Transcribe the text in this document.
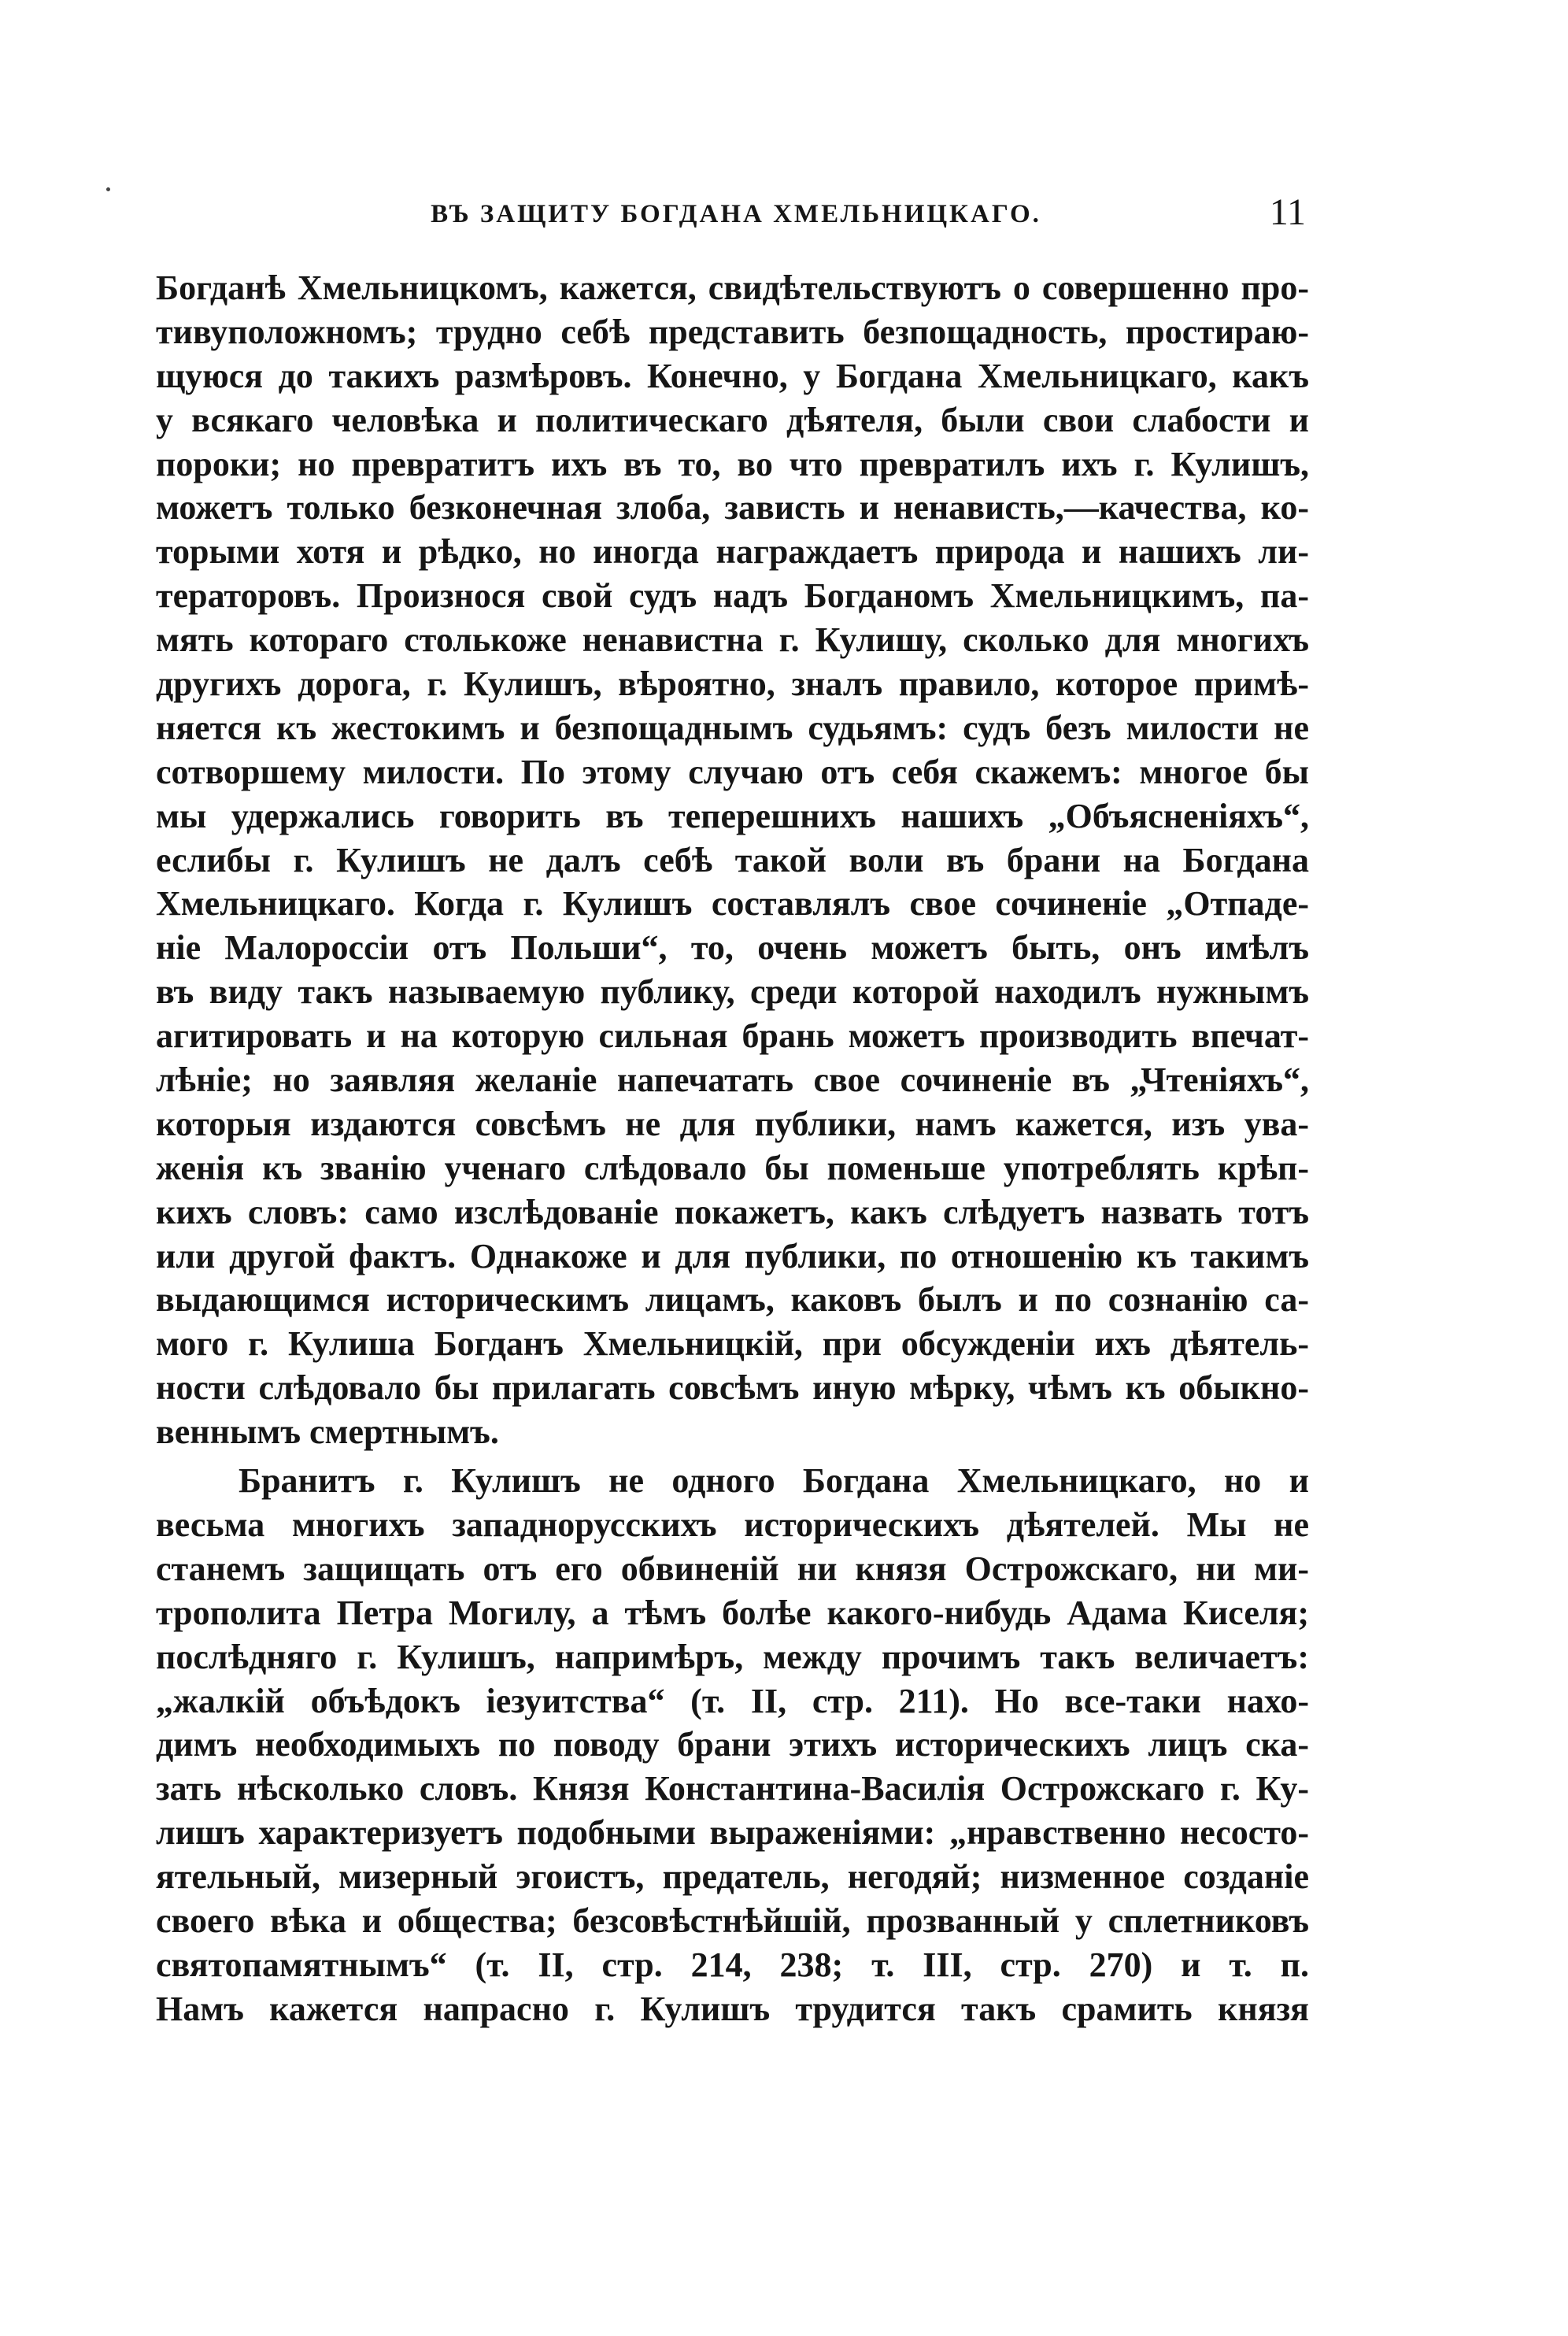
ВЪ ЗАЩИТУ БОГДАНА ХМЕЛЬНИЦКАГО.	11
Богданѣ Хмельницкомъ, кажется, свидѣтельствуютъ о совершенно про-
тивуположномъ; трудно себѣ представить безпощадность, простираю-
щуюся до такихъ размѣровъ. Конечно, у Богдана Хмельницкаго, какъ
у всякаго человѣка и политическаго дѣятеля, были свои слабости и
пороки; но превратитъ ихъ въ то, во что превратилъ ихъ г. Кулишъ,
можетъ только безконечная злоба, зависть и ненависть,—качества, ко-
торыми хотя и рѣдко, но иногда награждаетъ природа и нашихъ ли-
тераторовъ. Произнося свой судъ надъ Богданомъ Хмельницкимъ, па-
мять котораго столькоже ненавистна г. Кулишу, сколько для многихъ
другихъ дорога, г. Кулишъ, вѣроятно, зналъ правило, которое примѣ-
няется къ жестокимъ и безпощаднымъ судьямъ: судъ безъ милости не
сотворшему милости. По этому случаю отъ себя скажемъ: многое бы
мы удержались говорить въ теперешнихъ нашихъ „Объясненіяхъ“,
еслибы г. Кулишъ не далъ себѣ такой воли въ брани на Богдана
Хмельницкаго. Когда г. Кулишъ составлялъ свое сочиненіе „Отпаде-
ніе Малороссіи отъ Польши“, то, очень можетъ быть, онъ имѣлъ
въ виду такъ называемую публику, среди которой находилъ нужнымъ
агитировать и на которую сильная брань можетъ производить впечат-
лѣніе; но заявляя желаніе напечатать свое сочиненіе въ „Чтеніяхъ“,
которыя издаются совсѣмъ не для публики, намъ кажется, изъ ува-
женія къ званію ученаго слѣдовало бы поменьше употреблять крѣп-
кихъ словъ: само изслѣдованіе покажетъ, какъ слѣдуетъ назвать тотъ
или другой фактъ. Однакоже и для публики, по отношенію къ такимъ
выдающимся историческимъ лицамъ, каковъ былъ и по сознанію са-
мого г. Кулиша Богданъ Хмельницкій, при обсужденіи ихъ дѣятель-
ности слѣдовало бы прилагать совсѣмъ иную мѣрку, чѣмъ къ обыкно-
веннымъ смертнымъ.
Бранитъ г. Кулишъ не одного Богдана Хмельницкаго, но и
весьма многихъ западнорусскихъ историческихъ дѣятелей. Мы не
станемъ защищать отъ его обвиненій ни князя Острожскаго, ни ми-
трополита Петра Могилу, а тѣмъ болѣе какого-нибудь Адама Киселя;
послѣдняго г. Кулишъ, напримѣръ, между прочимъ такъ величаетъ:
„жалкій объѣдокъ іезуитства“ (т. II, стр. 211). Но все-таки нахо-
димъ необходимыхъ по поводу брани этихъ историческихъ лицъ ска-
зать нѣсколько словъ. Князя Константина-Василія Острожскаго г. Ку-
лишъ характеризуетъ подобными выраженіями: „нравственно несосто-
ятельный, мизерный эгоистъ, предатель, негодяй; низменное созданіе
своего вѣка и общества; безсовѣстнѣйшій, прозванный у сплетниковъ
святопамятнымъ“ (т. II, стр. 214, 238; т. III, стр. 270) и т. п.
Намъ кажется напрасно г. Кулишъ трудится такъ срамить князя
